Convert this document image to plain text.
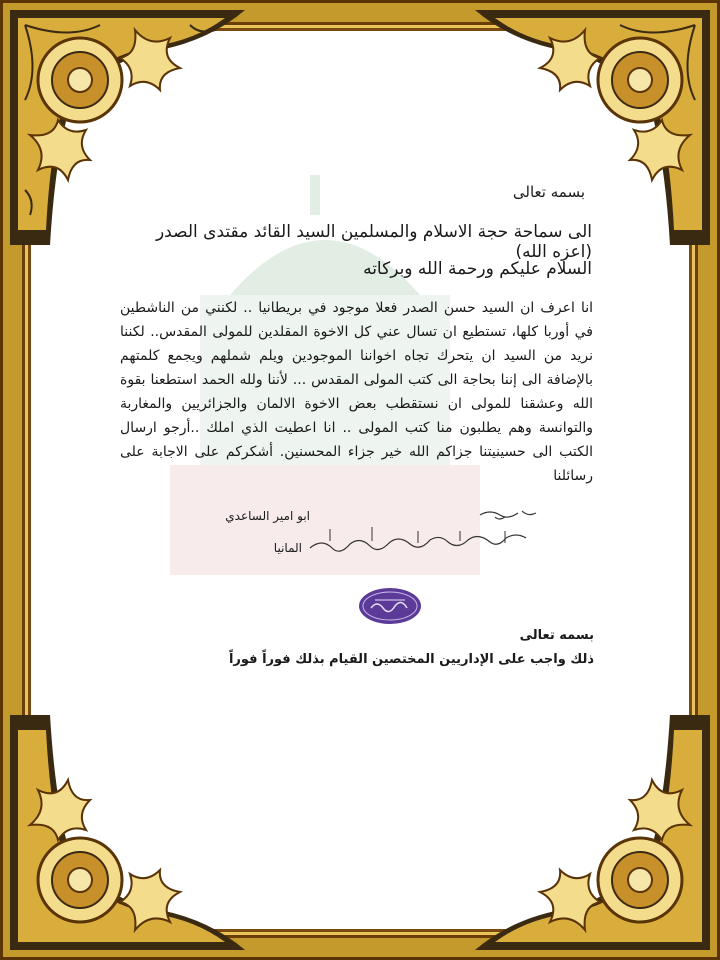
بسمه تعالى
الى سماحة حجة الاسلام والمسلمين السيد القائد مقتدى الصدر (اعزه الله)
السلام عليكم ورحمة الله وبركاته
انا اعرف ان السيد حسن الصدر فعلا موجود في بريطانيا .. لكنني من الناشطين في أوربا كلها، تستطيع ان تسال عني كل الاخوة المقلدين للمولى المقدس.. لكننا نريد من السيد ان يتحرك تجاه اخواننا الموجودين ويلم شملهم ويجمع كلمتهم بالإضافة الى إننا بحاجة الى كتب المولى المقدس ... لأننا ولله الحمد استطعنا بقوة الله وعشقنا للمولى ان نستقطب بعض الاخوة الالمان والجزائريين والمغاربة والتوانسة وهم يطلبون منا كتب المولى .. انا اعطيت الذي املك ..أرجو ارسال الكتب الى حسينيتنا جزاكم الله خير جزاء المحسنين. أشكركم على الاجابة على رسائلنا
ابو امير الساعدي
المانيا
بسمه تعالى
ذلك واجب على الإداريين المختصين القيام بذلك فوراً فوراً
